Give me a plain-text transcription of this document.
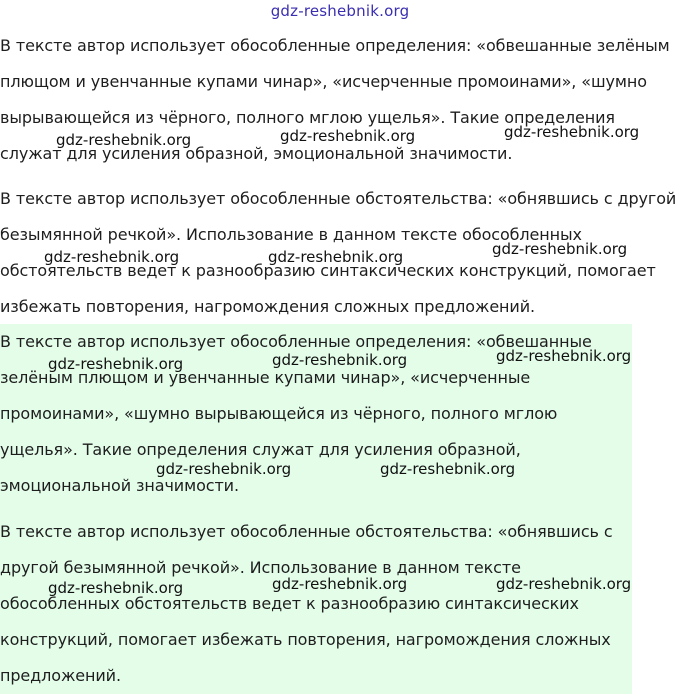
gdz-reshebnik.org

В тексте автор использует обособленные определения: «обвешанные зелёным плющом и увенчанные купами чинар», «исчерченные промоинами», «шумно вырывающейся из чёрного, полного мглою ущелья». Такие определения служат для усиления образной, эмоциональной значимости.

В тексте автор использует обособленные обстоятельства: «обнявшись с другой безымянной речкой». Использование в данном тексте обособленных обстоятельств ведет к разнообразию синтаксических конструкций, помогает избежать повторения, нагромождения сложных предложений.

В тексте автор использует обособленные определения: «обвешанные зелёным плющом и увенчанные купами чинар», «исчерченные промоинами», «шумно вырывающейся из чёрного, полного мглою ущелья». Такие определения служат для усиления образной, эмоциональной значимости.

В тексте автор использует обособленные обстоятельства: «обнявшись с другой безымянной речкой». Использование в данном тексте обособленных обстоятельств ведет к разнообразию синтаксических конструкций, помогает избежать повторения, нагромождения сложных предложений.

gdz-reshebnik.org	gdz-reshebnik.org	gdz-reshebnik.org
gdz-reshebnik.org	gdz-reshebnik.org	gdz-reshebnik.org
gdz-reshebnik.org	gdz-reshebnik.org	gdz-reshebnik.org
gdz-reshebnik.org	gdz-reshebnik.org
gdz-reshebnik.org	gdz-reshebnik.org	gdz-reshebnik.org
